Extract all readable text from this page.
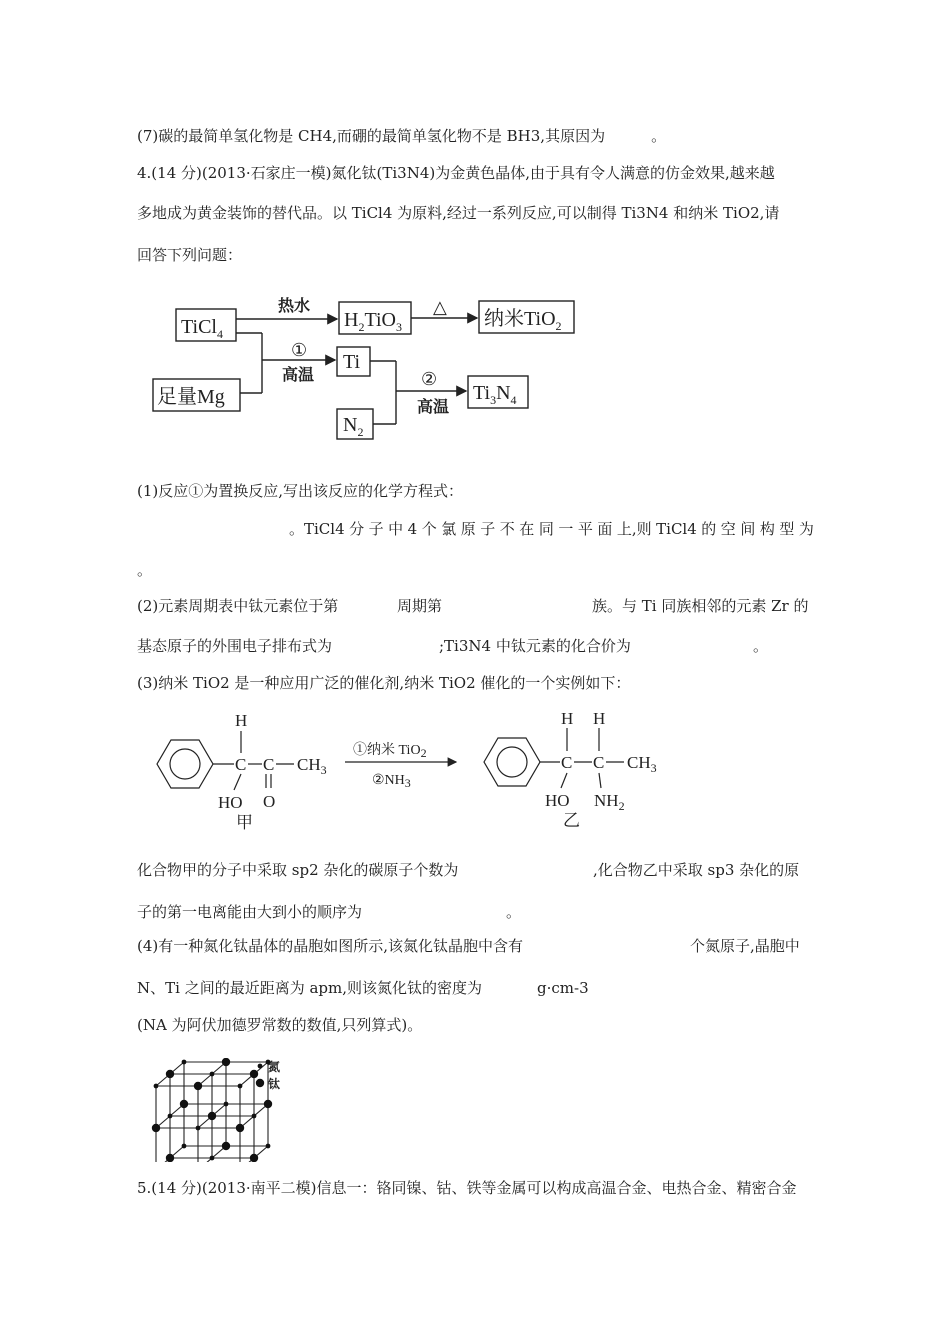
(7)碳的最简单氢化物是 CH4,而硼的最简单氢化物不是 BH3,其原因为	。
4.(14 分)(2013·石家庄一模)氮化钛(Ti3N4)为金黄色晶体,由于具有令人满意的仿金效果,越来越
多地成为黄金装饰的替代品。以 TiCl4 为原料,经过一系列反应,可以制得 Ti3N4 和纳米 TiO2,请
回答下列问题：
TiCl$_4$
热水
$H_2TiO_3$
△
纳米TiO$_2$
足量Mg
①
高温
Ti
$N_2$
②
高温
$Ti_3N_4$
(1)反应①为置换反应,写出该反应的化学方程式：
。TiCl4 分 子 中 4 个 氯 原 子 不 在 同 一 平 面 上,则 TiCl4 的 空 间 构 型 为
。
(2)元素周期表中钛元素位于第	周期第	族。与 Ti 同族相邻的元素 Zr 的
基态原子的外围电子排布式为	;Ti3N4 中钛元素的化合价为	。
(3)纳米 TiO2 是一种应用广泛的催化剂,纳米 TiO2 催化的一个实例如下：
H
C C $CH_3$
HO O
甲
①纳米 TiO2
②NH3
H H
C C $CH_3$
HO $NH_2$
乙
化合物甲的分子中采取 sp2 杂化的碳原子个数为	,化合物乙中采取 sp3 杂化的原
子的第一电离能由大到小的顺序为	。
(4)有一种氮化钛晶体的晶胞如图所示,该氮化钛晶胞中含有	个氮原子,晶胞中
N、Ti 之间的最近距离为 apm,则该氮化钛的密度为	g·cm-3
(NA 为阿伏加德罗常数的数值,只列算式)。
氮
钛
5.(14 分)(2013·南平二模)信息一：铬同镍、钴、铁等金属可以构成高温合金、电热合金、精密合金
